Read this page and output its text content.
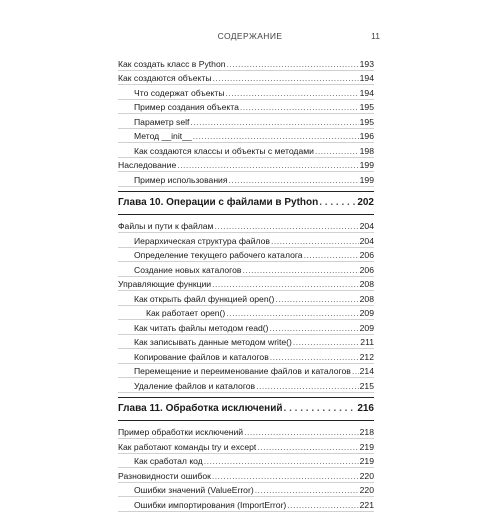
СОДЕРЖАНИЕ	11
Как создать класс в Python .....	193
Как создаются объекты .....	194
Что содержат объекты .....	194
Пример создания объекта .....	195
Параметр self .....	195
Метод __init__ .....	196
Как создаются классы и объекты с методами .....	198
Наследование .....	199
Пример использования .....	199
Глава 10. Операции с файлами в Python . . .	202
Файлы и пути к файлам .....	204
Иерархическая структура файлов .....	204
Определение текущего рабочего каталога .....	206
Создание новых каталогов .....	206
Управляющие функции .....	208
Как открыть файл функцией open() .....	208
Как работает open() .....	209
Как читать файлы методом read() .....	209
Как записывать данные методом write() .....	211
Копирование файлов и каталогов .....	212
Перемещение и переименование файлов и каталогов ..... 214
Удаление файлов и каталогов .....	215
Глава 11. Обработка исключений . . .	216
Пример обработки исключений .....	218
Как работают команды try и except .....	219
Как сработал код .....	219
Разновидности ошибок .....	220
Ошибки значений (ValueError) .....	220
Ошибки импортирования (ImportError) .....	221
